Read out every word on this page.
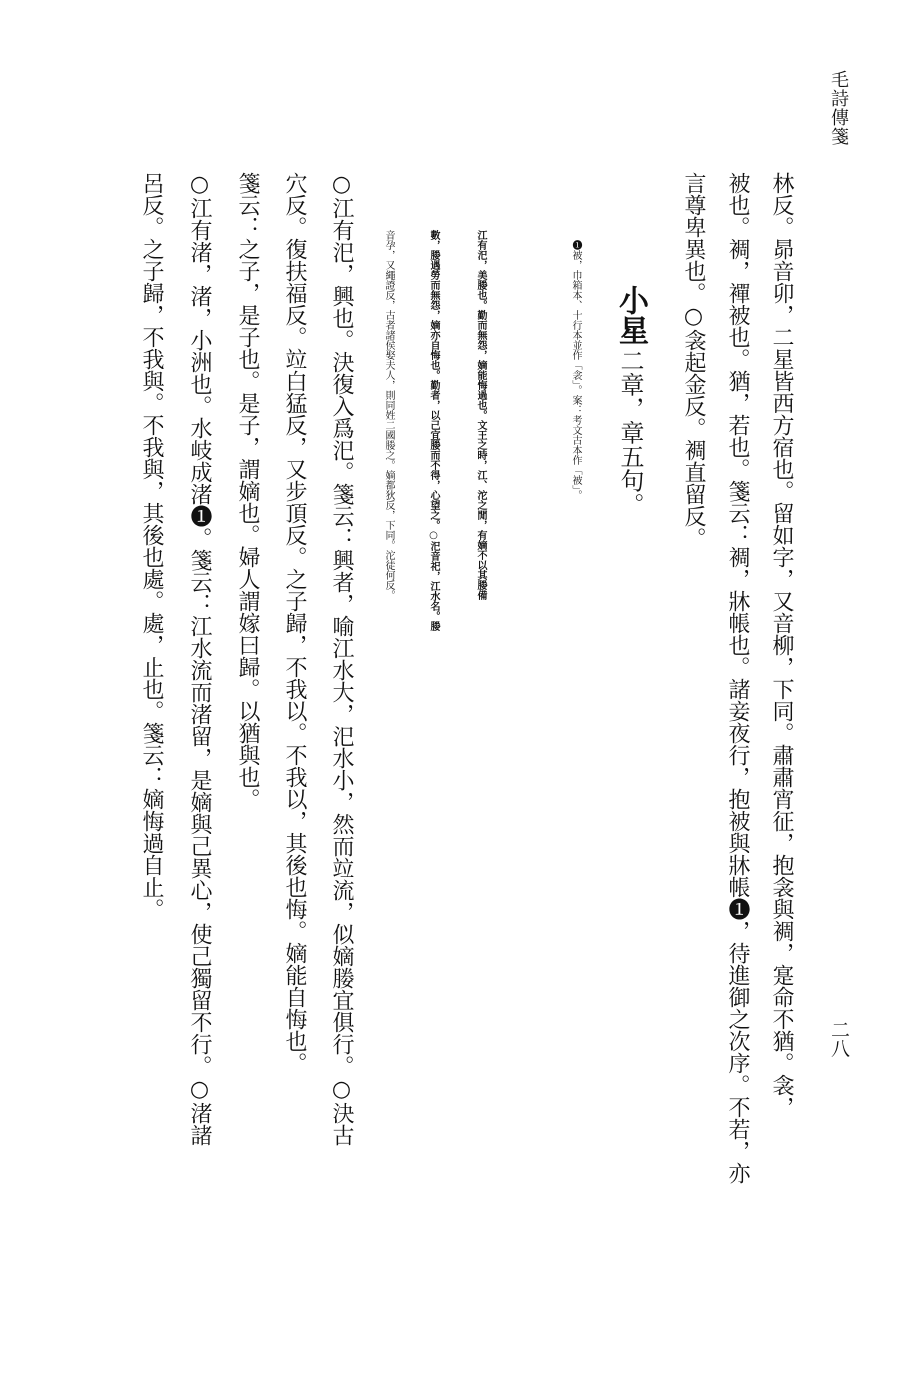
毛詩傳箋
二八
林反。昴音卯，二星皆西方宿也。留如字，又音柳，下同。肅肅宵征，抱衾與裯，寔命不猶。衾，
被也。裯，襌被也。猶，若也。箋云：裯，牀帳也。諸妾夜行，抱被與牀帳❶，待進御之次序。不若，亦
言尊卑異也。○衾起金反。裯直留反。
小星 二章，章五句。
❶被，巾箱本、十行本並作「衾」。案：考文古本作「被」。
江有汜，美媵也。勤而無怨，嫡能悔過也。文王之時，江、沱之閒，有嫡不以其媵備
數，媵遇勞而無怨，嫡亦自悔也。勤者，以己宜媵而不得，心望之。○汜音祀，江水名。媵
音孕，又繩證反，古者諸侯娶夫人，則同姓二國媵之。嫡都狄反，下同。沱徒何反。
○江有汜，興也。決復入爲汜。箋云：興者，喻江水大，汜水小，然而竝流，似嫡媵宜俱行。○決古
穴反。復扶福反。竝白猛反，又步頂反。之子歸，不我以。不我以，其後也悔。嫡能自悔也。
箋云：之子，是子也。是子，謂嫡也。婦人謂嫁曰歸。以猶與也。
○江有渚，渚，小洲也。水岐成渚❶。箋云：江水流而渚留，是嫡與己異心，使己獨留不行。○渚諸
呂反。之子歸，不我與。不我與，其後也處。處，止也。箋云：嫡悔過自止。
